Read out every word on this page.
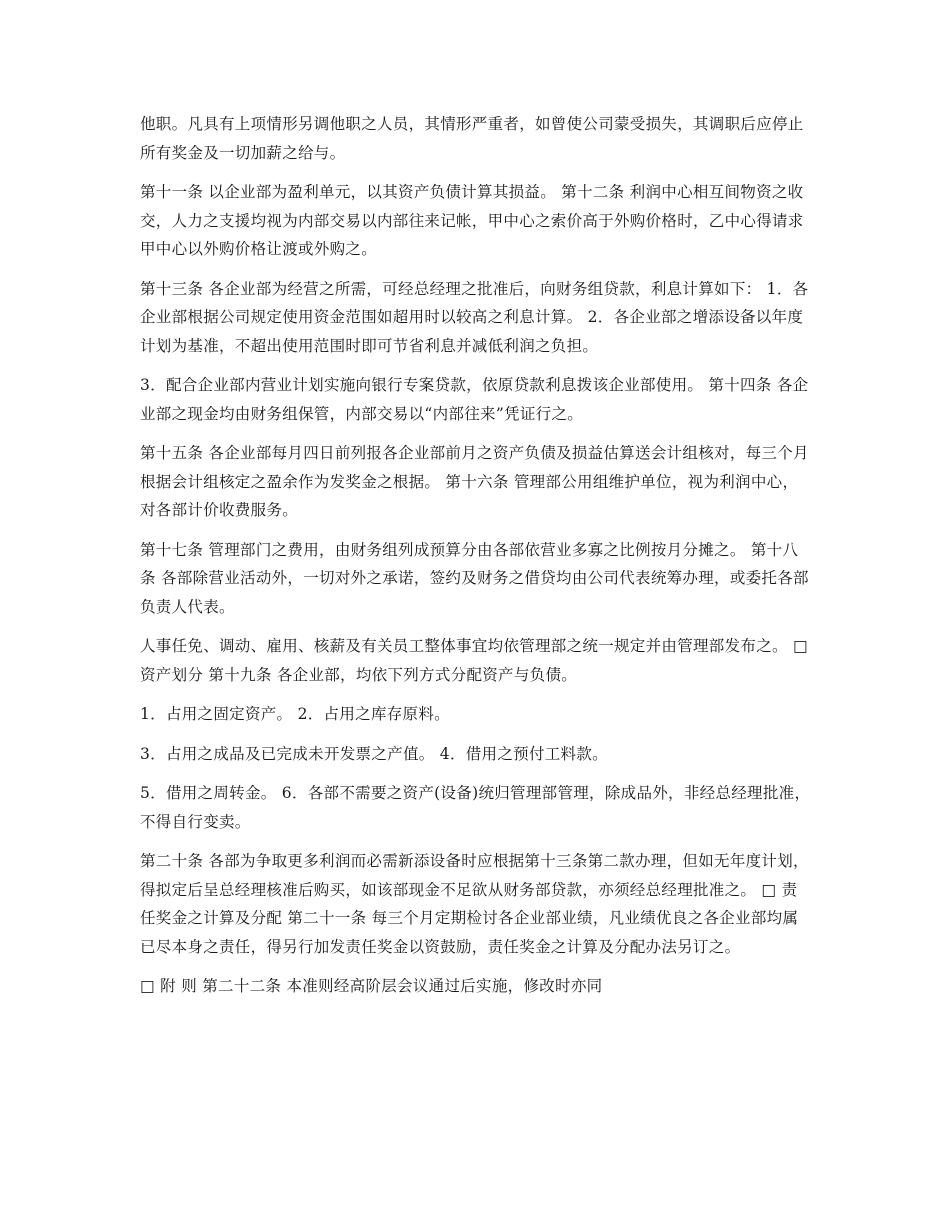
他职。凡具有上项情形另调他职之人员，其情形严重者，如曾使公司蒙受损失，其调职后应停止所有奖金及一切加薪之给与。

第十一条 以企业部为盈利单元，以其资产负债计算其损益。 第十二条 利润中心相互间物资之收交，人力之支援均视为内部交易以内部往来记帐，甲中心之索价高于外购价格时，乙中心得请求甲中心以外购价格让渡或外购之。

第十三条 各企业部为经营之所需，可经总经理之批准后，向财务组贷款，利息计算如下： 1．各企业部根据公司规定使用资金范围如超用时以较高之利息计算。 2．各企业部之增添设备以年度计划为基准，不超出使用范围时即可节省利息并减低利润之负担。

3．配合企业部内营业计划实施向银行专案贷款，依原贷款利息拨该企业部使用。 第十四条 各企业部之现金均由财务组保管，内部交易以“内部往来”凭证行之。

第十五条 各企业部每月四日前列报各企业部前月之资产负债及损益估算送会计组核对，每三个月根据会计组核定之盈余作为发奖金之根据。 第十六条 管理部公用组维护单位，视为利润中心，对各部计价收费服务。

第十七条 管理部门之费用，由财务组列成预算分由各部依营业多寡之比例按月分摊之。 第十八条 各部除营业活动外，一切对外之承诺，签约及财务之借贷均由公司代表统筹办理，或委托各部负责人代表。

人事任免、调动、雇用、核薪及有关员工整体事宜均依管理部之统一规定并由管理部发布之。 □ 资产划分 第十九条 各企业部，均依下列方式分配资产与负债。

1．占用之固定资产。 2．占用之库存原料。

3．占用之成品及已完成未开发票之产值。 4．借用之预付工料款。

5．借用之周转金。 6．各部不需要之资产(设备)统归管理部管理，除成品外，非经总经理批准，不得自行变卖。

第二十条 各部为争取更多利润而必需新添设备时应根据第十三条第二款办理，但如无年度计划，得拟定后呈总经理核准后购买，如该部现金不足欲从财务部贷款，亦须经总经理批准之。 □ 责任奖金之计算及分配 第二十一条 每三个月定期检讨各企业部业绩，凡业绩优良之各企业部均属已尽本身之责任，得另行加发责任奖金以资鼓励，责任奖金之计算及分配办法另订之。

□ 附 则 第二十二条 本准则经高阶层会议通过后实施，修改时亦同
